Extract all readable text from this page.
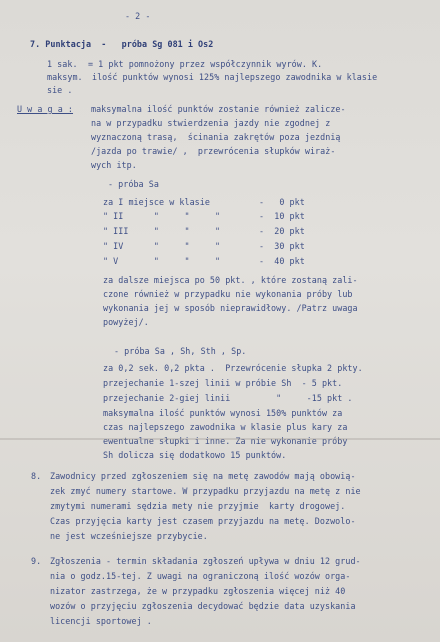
- 2 -
7. Punktacja  -   próba Sg 081 i Os2
1 sak. = 1 pkt pomnożony przez współczynnik wyrów. K.
maksym. ilość punktów wynosi 125% najlepszego zawodnika w klasie
sie .
U w a g a : maksymalna ilość punktów zostanie również zalicze-
na w przypadku stwierdzenia jazdy nie zgodnej z
wyznaczoną trasą,  ścinania zakrętów poza jezdnią
/jazda po trawie/ ,  przewrócenia słupków wiraż-
wych itp.
- próba Sa
za I miejsce w klasie	-   0 pkt
" II      "     "     "	-  10 pkt
" III     "     "     "	-  20 pkt
" IV      "     "     "	-  30 pkt
" V       "     "     "	-  40 pkt
za dalsze miejsca po 50 pkt. , które zostaną zali-
czone również w przypadku nie wykonania próby lub
wykonania jej w sposób nieprawidłowy. /Patrz uwaga
powyżej/.
- próba Sa , Sh, Sth , Sp.
za 0,2 sek. 0,2 pkta .  Przewrócenie słupka 2 pkty.
przejechanie 1-szej linii w próbie Sh  - 5 pkt.
przejechanie 2-giej linii         "     -15 pkt .
maksymalna ilość punktów wynosi 150% punktów za
czas najlepszego zawodnika w klasie plus kary za
ewentualne słupki i inne. Za nie wykonanie próby
Sh dolicza się dodatkowo 15 punktów.
8. Zawodnicy przed zgłoszeniem się na metę zawodów mają obowią-
zek zmyć numery startowe. W przypadku przyjazdu na metę z nie
zmytymi numerami sędzia mety nie przyjmie  karty drogowej.
Czas przyjęcia karty jest czasem przyjazdu na metę. Dozwolo-
ne jest wcześniejsze przybycie.
9. Zgłoszenia - termin składania zgłoszeń upływa w dniu 12 grud-
nia o godz.15-tej. Z uwagi na ograniczoną ilość wozów orga-
nizator zastrzega, że w przypadku zgłoszenia więcej niż 40
wozów o przyjęciu zgłoszenia decydować będzie data uzyskania
licencji sportowej .
